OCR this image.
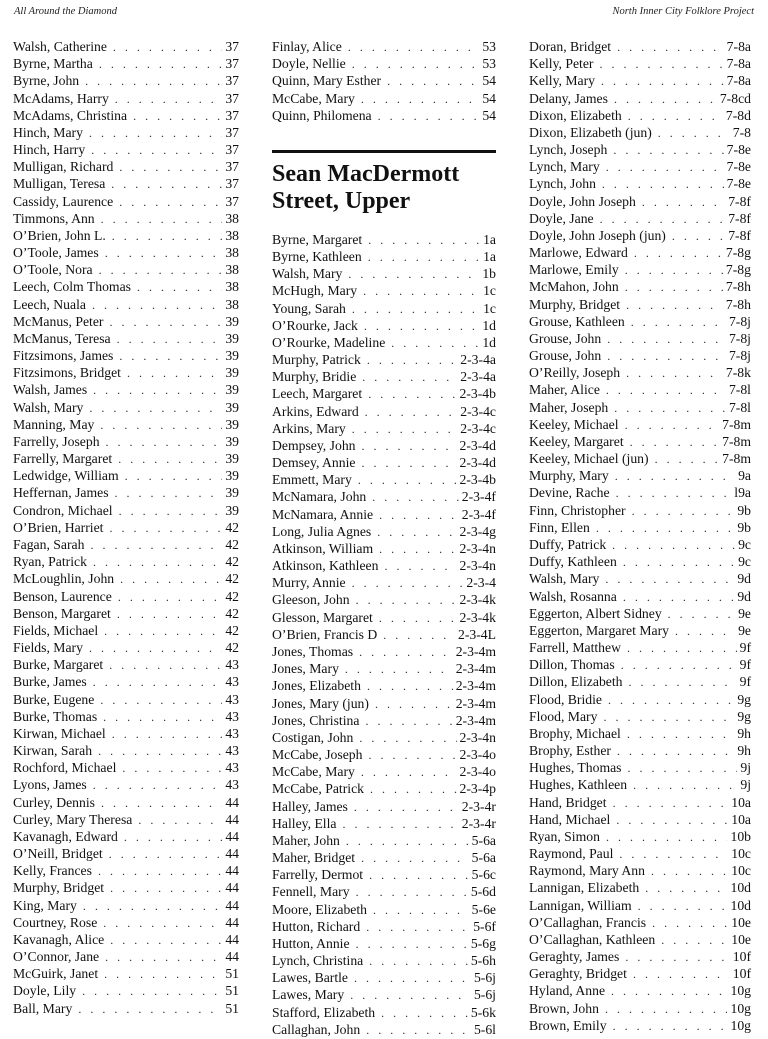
All Around the Diamond	North Inner City Folklore Project
Walsh, Catherine . . .	37
Byrne, Martha . . .	37
Byrne, John . . .	37
McAdams, Harry . . .	37
McAdams, Christina . . .	37
Hinch, Mary . . .	37
Hinch, Harry . . .	37
Mulligan, Richard . . .	37
Mulligan, Teresa . . .	37
Cassidy, Laurence . . .	37
Timmons, Ann . . .	38
O’Brien, John L. . . .	38
O’Toole, James . . .	38
O’Toole, Nora . . .	38
Leech, Colm Thomas . . .	38
Leech, Nuala . . .	38
McManus, Peter . . .	39
McManus, Teresa . . .	39
Fitzsimons, James . . .	39
Fitzsimons, Bridget . . .	39
Walsh, James . . .	39
Walsh, Mary . . .	39
Manning, May . . .	39
Farrelly, Joseph . . .	39
Farrelly, Margaret . . .	39
Ledwidge, William . . .	39
Heffernan, James . . .	39
Condron, Michael . . .	39
O’Brien, Harriet . . .	42
Fagan, Sarah . . .	42
Ryan, Patrick . . .	42
McLoughlin, John . . .	42
Benson, Laurence . . .	42
Benson, Margaret . . .	42
Fields, Michael . . .	42
Fields, Mary . . .	42
Burke, Margaret . . .	43
Burke, James . . .	43
Burke, Eugene . . .	43
Burke, Thomas . . .	43
Kirwan, Michael . . .	43
Kirwan, Sarah . . .	43
Rochford, Michael . . .	43
Lyons, James . . .	43
Curley, Dennis . . .	44
Curley, Mary Theresa . . .	44
Kavanagh, Edward . . .	44
O’Neill, Bridget . . .	44
Kelly, Frances . . .	44
Murphy, Bridget . . .	44
King, Mary . . .	44
Courtney, Rose . . .	44
Kavanagh, Alice . . .	44
O’Connor, Jane . . .	44
McGuirk, Janet . . .	51
Doyle, Lily . . .	51
Ball, Mary . . .	51
Finlay, Alice . . .	53
Doyle, Nellie . . .	53
Quinn, Mary Esther . . .	54
McCabe, Mary . . .	54
Quinn, Philomena . . .	54
Sean MacDermott Street, Upper
Byrne, Margaret . . .	1a
Byrne, Kathleen . . .	1a
Walsh, Mary . . .	1b
McHugh, Mary . . .	1c
Young, Sarah . . .	1c
O’Rourke, Jack . . .	1d
O’Rourke, Madeline . . .	1d
Murphy, Patrick . . .	2-3-4a
Murphy, Bridie . . .	2-3-4a
Leech, Margaret . . .	2-3-4b
Arkins, Edward . . .	2-3-4c
Arkins, Mary . . .	2-3-4c
Dempsey, John . . .	2-3-4d
Demsey, Annie . . .	2-3-4d
Emmett, Mary . . .	2-3-4b
McNamara, John . . .	2-3-4f
McNamara, Annie . . .	2-3-4f
Long, Julia Agnes . . .	2-3-4g
Atkinson, William . . .	2-3-4n
Atkinson, Kathleen . . .	2-3-4n
Murry, Annie . . .	2-3-4
Gleeson, John . . .	2-3-4k
Glesson, Margaret . . .	2-3-4k
O’Brien, Francis D . . .	2-3-4L
Jones, Thomas . . .	2-3-4m
Jones, Mary . . .	2-3-4m
Jones, Elizabeth . . .	2-3-4m
Jones, Mary (jun) . . .	2-3-4m
Jones, Christina . . .	2-3-4m
Costigan, John . . .	2-3-4n
McCabe, Joseph . . .	2-3-4o
McCabe, Mary . . .	2-3-4o
McCabe, Patrick . . .	2-3-4p
Halley, James . . .	2-3-4r
Halley, Ella . . .	2-3-4r
Maher, John . . .	5-6a
Maher, Bridget . . .	5-6a
Farrelly, Dermot . . .	5-6c
Fennell, Mary . . .	5-6d
Moore, Elizabeth . . .	5-6e
Hutton, Richard . . .	5-6f
Hutton, Annie . . .	5-6g
Lynch, Christina . . .	5-6h
Lawes, Bartle . . .	5-6j
Lawes, Mary . . .	5-6j
Stafford, Elizabeth . . .	5-6k
Callaghan, John . . .	5-6l
Doran, Bridget . . .	7-8a
Kelly, Peter . . .	7-8a
Kelly, Mary . . .	7-8a
Delany, James . . .	7-8cd
Dixon, Elizabeth . . .	7-8d
Dixon, Elizabeth (jun) . . .	7-8
Lynch, Joseph . . .	7-8e
Lynch, Mary . . .	7-8e
Lynch, John . . .	7-8e
Doyle, John Joseph . . .	7-8f
Doyle, Jane . . .	7-8f
Doyle, John Joseph (jun) . . .	7-8f
Marlowe, Edward . . .	7-8g
Marlowe, Emily . . .	7-8g
McMahon, John . . .	7-8h
Murphy, Bridget . . .	7-8h
Grouse, Kathleen . . .	7-8j
Grouse, John . . .	7-8j
Grouse, John . . .	7-8j
O’Reilly, Joseph . . .	7-8k
Maher, Alice . . .	7-8l
Maher, Joseph . . .	7-8l
Keeley, Michael . . .	7-8m
Keeley, Margaret . . .	7-8m
Keeley, Michael (jun) . . .	7-8m
Murphy, Mary . . .	9a
Devine, Rache . . .	l9a
Finn, Christopher . . .	9b
Finn, Ellen . . .	9b
Duffy, Patrick . . .	9c
Duffy, Kathleen . . .	9c
Walsh, Mary . . .	9d
Walsh, Rosanna . . .	9d
Eggerton, Albert Sidney . . .	9e
Eggerton, Margaret Mary . . .	9e
Farrell, Matthew . . .	9f
Dillon, Thomas . . .	9f
Dillon, Elizabeth . . .	9f
Flood, Bridie . . .	9g
Flood, Mary . . .	9g
Brophy, Michael . . .	9h
Brophy, Esther . . .	9h
Hughes, Thomas . . .	9j
Hughes, Kathleen . . .	9j
Hand, Bridget . . .	10a
Hand, Michael . . .	10a
Ryan, Simon . . .	10b
Raymond, Paul . . .	10c
Raymond, Mary Ann . . .	10c
Lannigan, Elizabeth . . .	10d
Lannigan, William . . .	10d
O’Callaghan, Francis . . .	10e
O’Callaghan, Kathleen . . .	10e
Geraghty, James . . .	10f
Geraghty, Bridget . . .	10f
Hyland, Anne . . .	10g
Brown, John . . .	10g
Brown, Emily . . .	10g
